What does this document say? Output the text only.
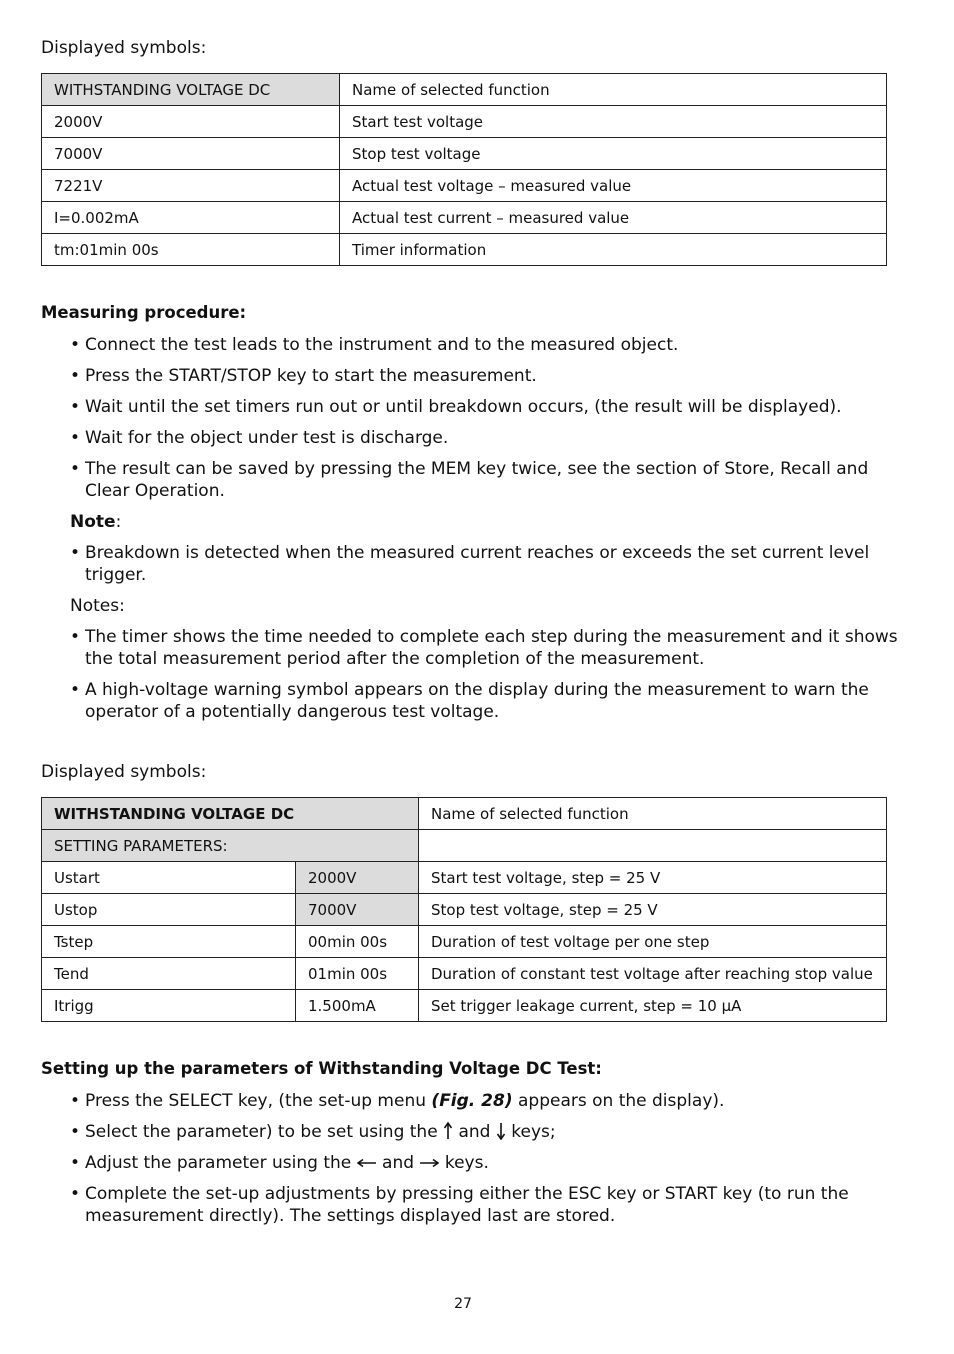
Displayed symbols:
WITHSTANDING VOLTAGE DC	Name of selected function
2000V	Start test voltage
7000V	Stop test voltage
7221V	Actual test voltage – measured value
I=0.002mA	Actual test current – measured value
tm:01min 00s	Timer information
Measuring procedure:
• Connect the test leads to the instrument and to the measured object.
• Press the START/STOP key to start the measurement.
• Wait until the set timers run out or until breakdown occurs, (the result will be displayed).
• Wait for the object under test is discharge.
• The result can be saved by pressing the MEM key twice, see the section of Store, Recall and Clear Operation.
Note:
• Breakdown is detected when the measured current reaches or exceeds the set current level trigger.
Notes:
• The timer shows the time needed to complete each step during the measurement and it shows the total measurement period after the completion of the measurement.
• A high-voltage warning symbol appears on the display during the measurement to warn the operator of a potentially dangerous test voltage.
Displayed symbols:
WITHSTANDING VOLTAGE DC		Name of selected function
SETTING PARAMETERS:		
Ustart	2000V	Start test voltage, step = 25 V
Ustop	7000V	Stop test voltage, step = 25 V
Tstep	00min 00s	Duration of test voltage per one step
Tend	01min 00s	Duration of constant test voltage after reaching stop value
Itrigg	1.500mA	Set trigger leakage current, step = 10 µA
Setting up the parameters of Withstanding Voltage DC Test:
• Press the SELECT key, (the set-up menu (Fig. 28) appears on the display).
• Select the parameter) to be set using the  and  keys;
• Adjust the parameter using the  and  keys.
• Complete the set-up adjustments by pressing either the ESC key or START key (to run the measurement directly). The settings displayed last are stored.
27
